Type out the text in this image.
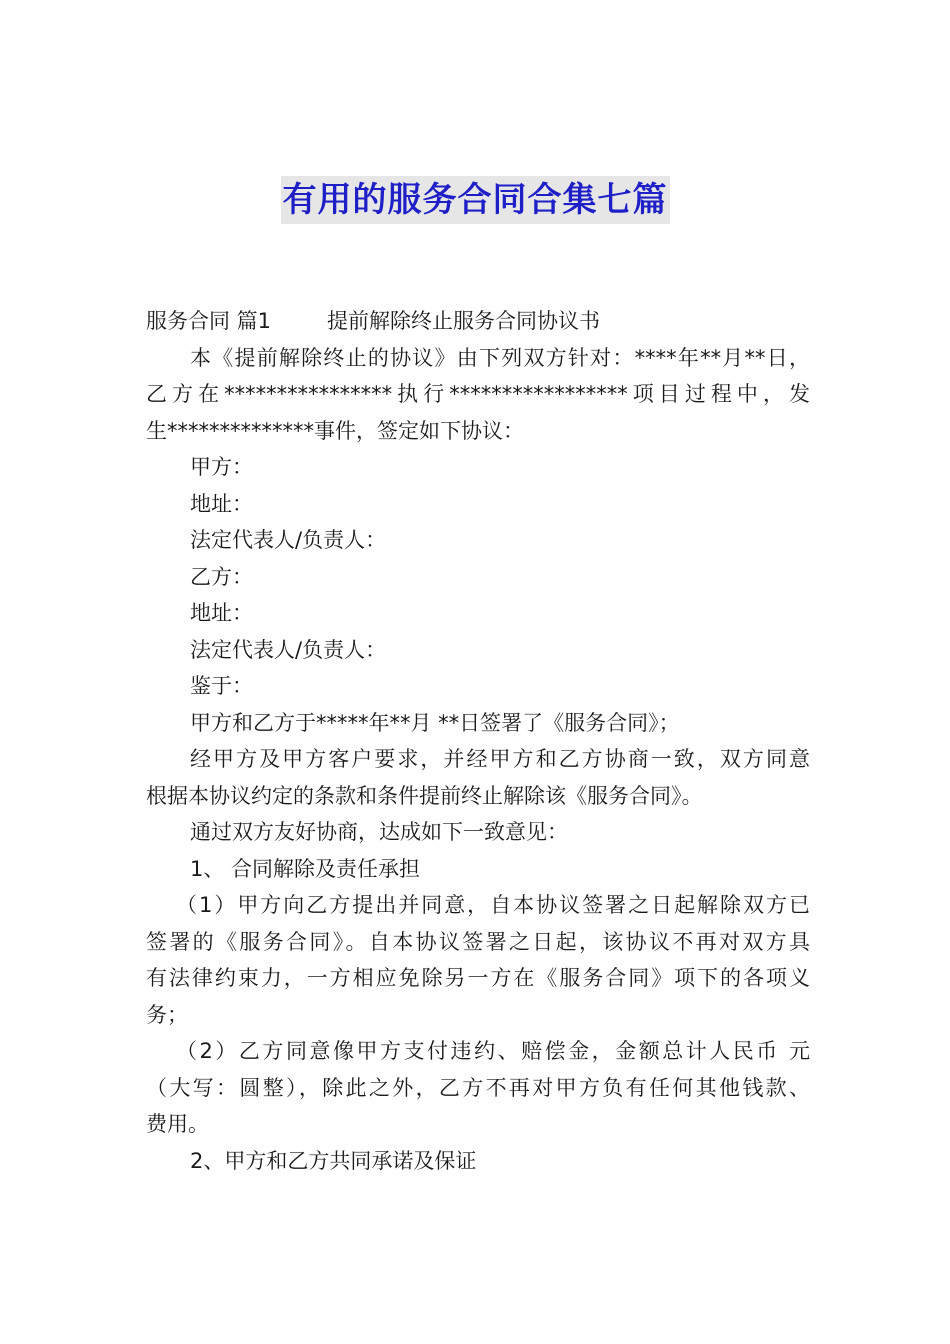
有用的服务合同合集七篇

服务合同 篇1	提前解除终止服务合同协议书

本《提前解除终止的协议》由下列双方针对：****年**月**日，

乙方在****************执行*****************项目过程中，发

生**************事件，签定如下协议：

甲方：

地址：

法定代表人/负责人：

乙方：

地址：

法定代表人/负责人：

鉴于：

甲方和乙方于*****年**月 **日签署了《服务合同》；

经甲方及甲方客户要求，并经甲方和乙方协商一致，双方同意

根据本协议约定的条款和条件提前终止解除该《服务合同》。

通过双方友好协商，达成如下一致意见：

1、 合同解除及责任承担

（1）甲方向乙方提出并同意，自本协议签署之日起解除双方已

签署的《服务合同》。自本协议签署之日起，该协议不再对双方具

有法律约束力，一方相应免除另一方在《服务合同》项下的各项义

务；

（2）乙方同意像甲方支付违约、赔偿金，金额总计人民币 元

（大写：圆整），除此之外，乙方不再对甲方负有任何其他钱款、

费用。

2、甲方和乙方共同承诺及保证
